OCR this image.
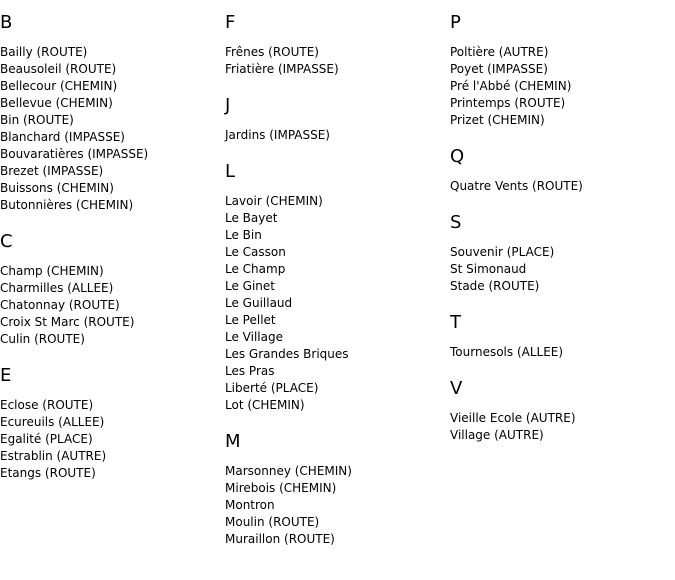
B
Bailly (ROUTE)
Beausoleil (ROUTE)
Bellecour (CHEMIN)
Bellevue (CHEMIN)
Bin (ROUTE)
Blanchard (IMPASSE)
Bouvaratières (IMPASSE)
Brezet (IMPASSE)
Buissons (CHEMIN)
Butonnières (CHEMIN)
C
Champ (CHEMIN)
Charmilles (ALLEE)
Chatonnay (ROUTE)
Croix St Marc (ROUTE)
Culin (ROUTE)
E
Eclose (ROUTE)
Ecureuils (ALLEE)
Egalité (PLACE)
Estrablin (AUTRE)
Etangs (ROUTE)
F
Frênes (ROUTE)
Friatière (IMPASSE)
J
Jardins (IMPASSE)
L
Lavoir (CHEMIN)
Le Bayet
Le Bin
Le Casson
Le Champ
Le Ginet
Le Guillaud
Le Pellet
Le Village
Les Grandes Briques
Les Pras
Liberté (PLACE)
Lot (CHEMIN)
M
Marsonney (CHEMIN)
Mirebois (CHEMIN)
Montron
Moulin (ROUTE)
Muraillon (ROUTE)
P
Poltière (AUTRE)
Poyet (IMPASSE)
Pré l'Abbé (CHEMIN)
Printemps (ROUTE)
Prizet (CHEMIN)
Q
Quatre Vents (ROUTE)
S
Souvenir (PLACE)
St Simonaud
Stade (ROUTE)
T
Tournesols (ALLEE)
V
Vieille Ecole (AUTRE)
Village (AUTRE)
